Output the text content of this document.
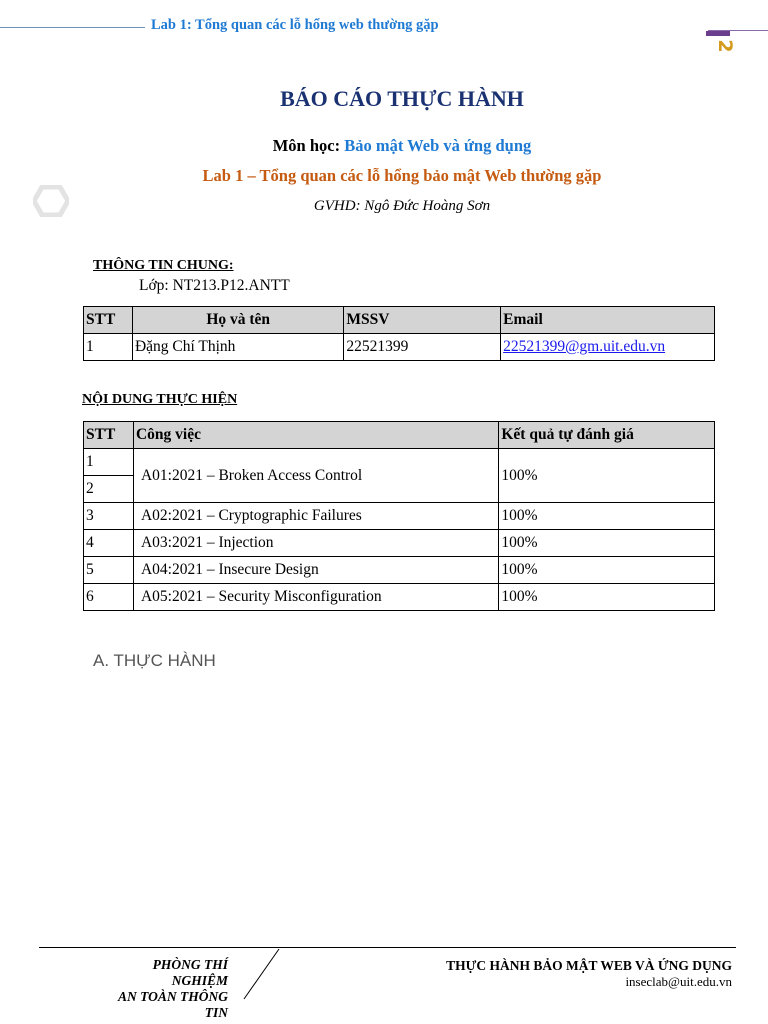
Lab 1: Tổng quan các lỗ hổng web thường gặp
2
BÁO CÁO THỰC HÀNH
Môn học: Bảo mật Web và ứng dụng
Lab 1 – Tổng quan các lỗ hổng bảo mật Web thường gặp
GVHD: Ngô Đức Hoàng Sơn
THÔNG TIN CHUNG:
Lớp: NT213.P12.ANTT
STT	Họ và tên	MSSV	Email
1	Đặng Chí Thịnh	22521399	22521399@gm.uit.edu.vn
NỘI DUNG THỰC HIỆN
STT	Công việc	Kết quả tự đánh giá
1	A01:2021 – Broken Access Control	100%
2		
3	A02:2021 – Cryptographic Failures	100%
4	A03:2021 – Injection	100%
5	A04:2021 – Insecure Design	100%
6	A05:2021 – Security Misconfiguration	100%
A. THỰC HÀNH
PHÒNG THÍ NGHIỆM
AN TOÀN THÔNG TIN
THỰC HÀNH BẢO MẬT WEB VÀ ỨNG DỤNG
inseclab@uit.edu.vn
